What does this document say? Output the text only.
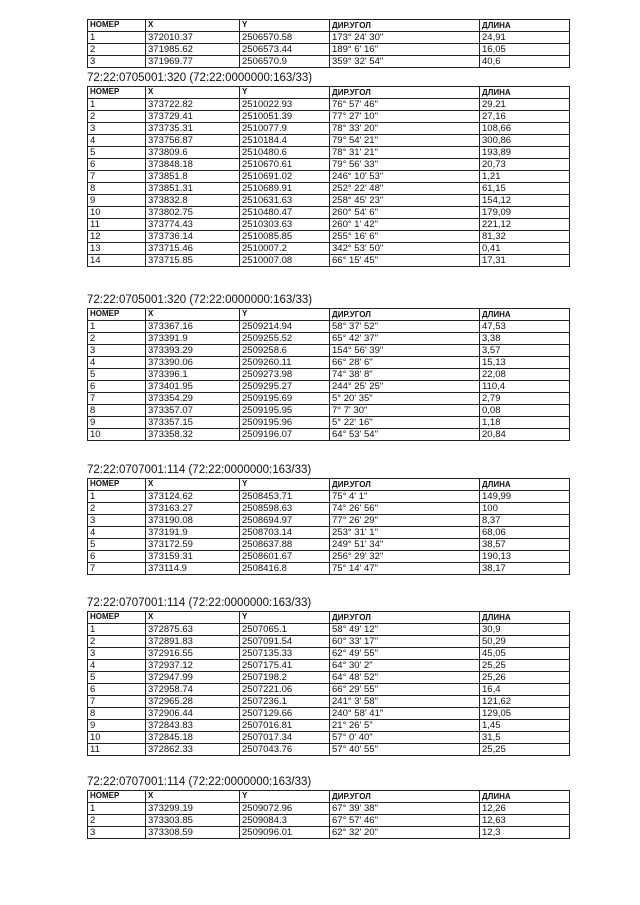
НОМЕР	X	Y	ДИР.УГОЛ	ДЛИНА
1	372010.37	2506570.58	173° 24' 30"	24,91
2	371985.62	2506573.44	189° 6' 16"	16,05
3	371969.77	2506570.9	359° 32' 54"	40,6
72:22:0705001:320 (72:22:0000000:163/33)
НОМЕР	X	Y	ДИР.УГОЛ	ДЛИНА
1	373722.82	2510022.93	76° 57' 46"	29,21
2	373729.41	2510051.39	77° 27' 10"	27,16
3	373735.31	2510077.9	78° 33' 20"	108,66
4	373756.87	2510184.4	79° 54' 21"	300,86
5	373809.6	2510480.6	78° 31' 21"	193,89
6	373848.18	2510670.61	79° 56' 33"	20,73
7	373851.8	2510691.02	246° 10' 53"	1,21
8	373851.31	2510689.91	252° 22' 48"	61,15
9	373832.8	2510631.63	258° 45' 23"	154,12
10	373802.75	2510480.47	260° 54' 6"	179,09
11	373774.43	2510303.63	260° 1' 42"	221,12
12	373736.14	2510085.85	255° 16' 6"	81,32
13	373715.46	2510007.2	342° 53' 50"	0,41
14	373715.85	2510007.08	66° 15' 45"	17,31
72:22:0705001:320 (72:22:0000000:163/33)
НОМЕР	X	Y	ДИР.УГОЛ	ДЛИНА
1	373367.16	2509214.94	58° 37' 52"	47,53
2	373391.9	2509255.52	65° 42' 37"	3,38
3	373393.29	2509258.6	154° 56' 39"	3,57
4	373390.06	2509260.11	66° 28' 6"	15,13
5	373396.1	2509273.98	74° 38' 8"	22,08
6	373401.95	2509295.27	244° 25' 25"	110,4
7	373354.29	2509195.69	5° 20' 35"	2,79
8	373357.07	2509195.95	7° 7' 30"	0,08
9	373357.15	2509195.96	5° 22' 16"	1,18
10	373358.32	2509196.07	64° 53' 54"	20,84
72:22:0707001:114 (72:22:0000000:163/33)
НОМЕР	X	Y	ДИР.УГОЛ	ДЛИНА
1	373124.62	2508453.71	75° 4' 1"	149,99
2	373163.27	2508598.63	74° 26' 56"	100
3	373190.08	2508694.97	77° 26' 29"	8,37
4	373191.9	2508703.14	253° 31' 1"	68,06
5	373172.59	2508637.88	249° 51' 34"	38,57
6	373159.31	2508601.67	256° 29' 32"	190,13
7	373114.9	2508416.8	75° 14' 47"	38,17
72:22:0707001:114 (72:22:0000000:163/33)
НОМЕР	X	Y	ДИР.УГОЛ	ДЛИНА
1	372875.63	2507065.1	58° 49' 12"	30,9
2	372891.83	2507091.54	60° 33' 17"	50,29
3	372916.55	2507135.33	62° 49' 55"	45,05
4	372937.12	2507175.41	64° 30' 2"	25,25
5	372947.99	2507198.2	64° 48' 52"	25,26
6	372958.74	2507221.06	66° 29' 55"	16,4
7	372965.28	2507236.1	241° 3' 58"	121,62
8	372906.44	2507129.66	240° 58' 41"	129,05
9	372843.83	2507016.81	21° 26' 5"	1,45
10	372845.18	2507017.34	57° 0' 40"	31,5
11	372862.33	2507043.76	57° 40' 55"	25,25
72:22:0707001:114 (72:22:0000000:163/33)
НОМЕР	X	Y	ДИР.УГОЛ	ДЛИНА
1	373299.19	2509072.96	67° 39' 38"	12,26
2	373303.85	2509084.3	67° 57' 46"	12,63
3	373308.59	2509096.01	62° 32' 20"	12,3
